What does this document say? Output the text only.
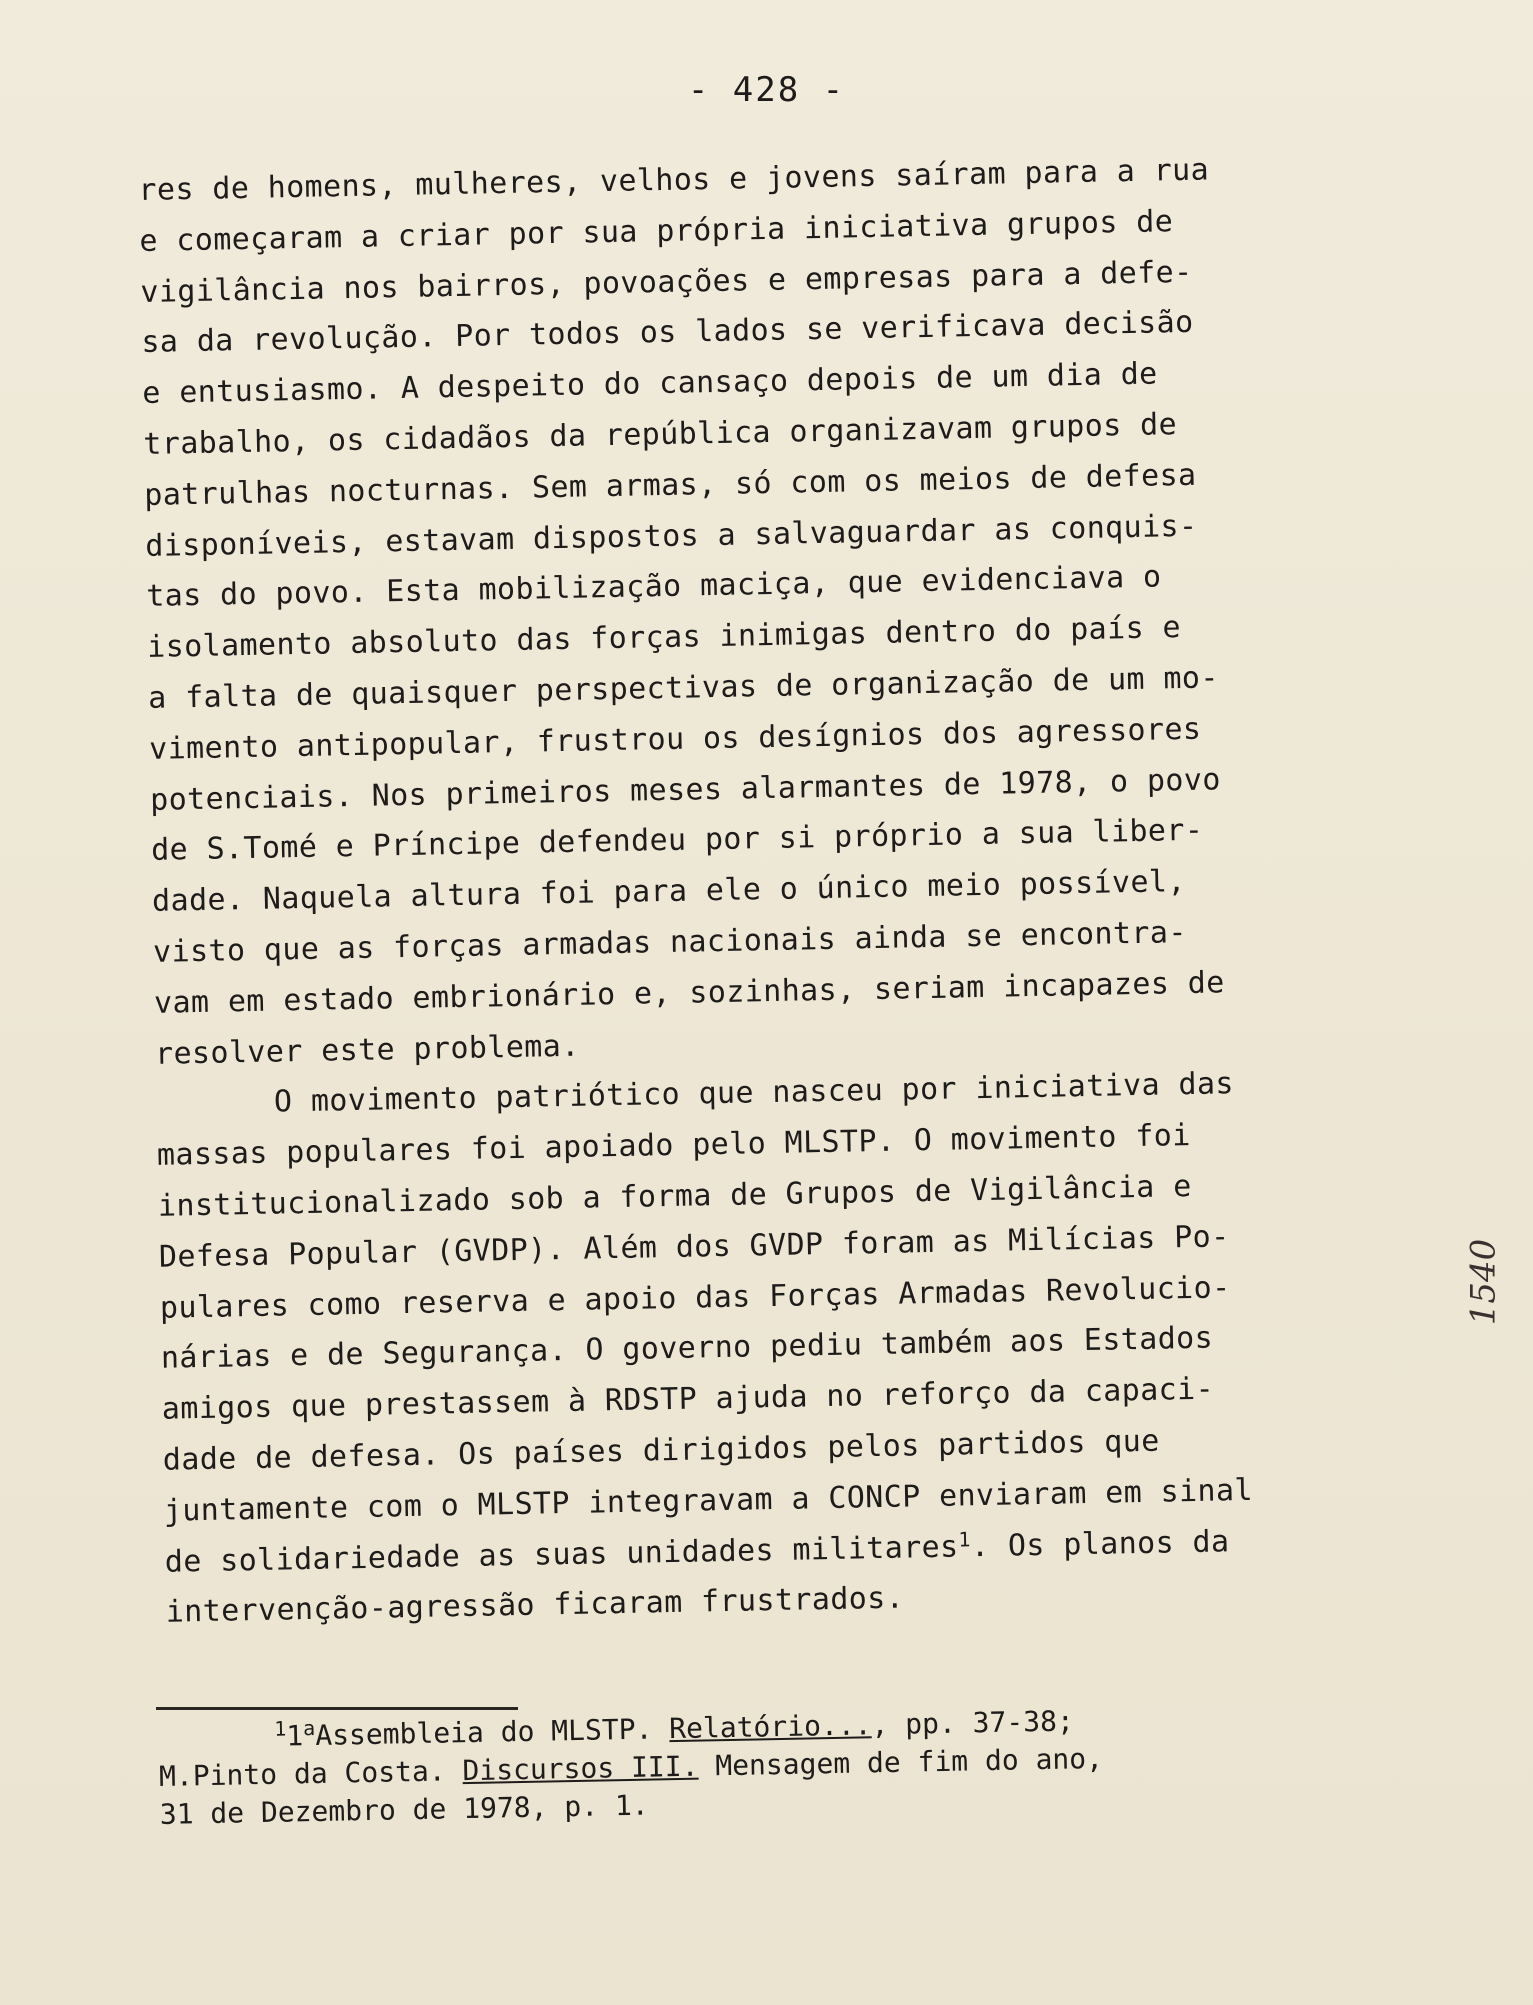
- 428 -
res de homens, mulheres, velhos e jovens saíram para a rua
e começaram a criar por sua própria iniciativa grupos de
vigilância nos bairros, povoações e empresas para a defe-
sa da revolução. Por todos os lados se verificava decisão
e entusiasmo. A despeito do cansaço depois de um dia de
trabalho, os cidadãos da república organizavam grupos de
patrulhas nocturnas. Sem armas, só com os meios de defesa
disponíveis, estavam dispostos a salvaguardar as conquis-
tas do povo. Esta mobilização maciça, que evidenciava o
isolamento absoluto das forças inimigas dentro do país e
a falta de quaisquer perspectivas de organização de um mo-
vimento antipopular, frustrou os desígnios dos agressores
potenciais. Nos primeiros meses alarmantes de 1978, o povo
de S.Tomé e Príncipe defendeu por si próprio a sua liber-
dade. Naquela altura foi para ele o único meio possível,
visto que as forças armadas nacionais ainda se encontra-
vam em estado embrionário e, sozinhas, seriam incapazes de
resolver este problema.
O movimento patriótico que nasceu por iniciativa das
massas populares foi apoiado pelo MLSTP. O movimento foi
institucionalizado sob a forma de Grupos de Vigilância e
Defesa Popular (GVDP). Além dos GVDP foram as Milícias Po-
pulares como reserva e apoio das Forças Armadas Revolucio-
nárias e de Segurança. O governo pediu também aos Estados
amigos que prestassem à RDSTP ajuda no reforço da capaci-
dade de defesa. Os países dirigidos pelos partidos que
juntamente com o MLSTP integravam a CONCP enviaram em sinal
de solidariedade as suas unidades militares$^1$. Os planos da
intervenção-agressão ficaram frustrados.
$^1$1$^a$Assembleia do MLSTP. Relatório..., pp. 37-38;
M.Pinto da Costa. Discursos III. Mensagem de fim do ano,
31 de Dezembro de 1978, p. 1.
1540
